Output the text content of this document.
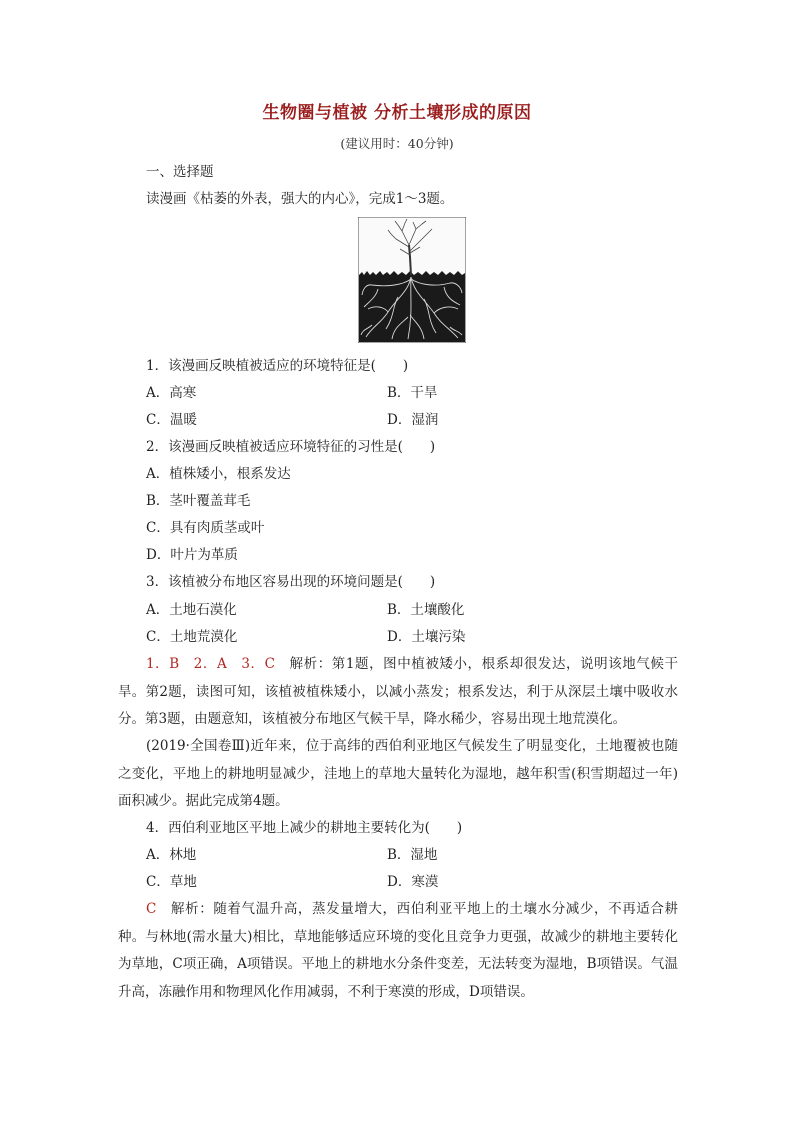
生物圈与植被 分析土壤形成的原因
(建议用时：40分钟)
一、选择题
读漫画《枯萎的外表，强大的内心》，完成1～3题。
1．该漫画反映植被适应的环境特征是(　　)
A．高寒	B．干旱
C．温暖	D．湿润
2．该漫画反映植被适应环境特征的习性是(　　)
A．植株矮小，根系发达
B．茎叶覆盖茸毛
C．具有肉质茎或叶
D．叶片为革质
3．该植被分布地区容易出现的环境问题是(　　)
A．土地石漠化	B．土壤酸化
C．土地荒漠化	D．土壤污染
1．B　2．A　3．C　解析：第1题，图中植被矮小，根系却很发达，说明该地气候干旱。第2题，读图可知，该植被植株矮小，以减小蒸发；根系发达，利于从深层土壤中吸收水分。第3题，由题意知，该植被分布地区气候干旱，降水稀少，容易出现土地荒漠化。
(2019·全国卷Ⅲ)近年来，位于高纬的西伯利亚地区气候发生了明显变化，土地覆被也随之变化，平地上的耕地明显减少，洼地上的草地大量转化为湿地，越年积雪(积雪期超过一年)面积减少。据此完成第4题。
4．西伯利亚地区平地上减少的耕地主要转化为(　　)
A．林地	B．湿地
C．草地	D．寒漠
C　解析：随着气温升高，蒸发量增大，西伯利亚平地上的土壤水分减少，不再适合耕种。与林地(需水量大)相比，草地能够适应环境的变化且竞争力更强，故减少的耕地主要转化为草地，C项正确，A项错误。平地上的耕地水分条件变差，无法转变为湿地，B项错误。气温升高，冻融作用和物理风化作用减弱，不利于寒漠的形成，D项错误。
